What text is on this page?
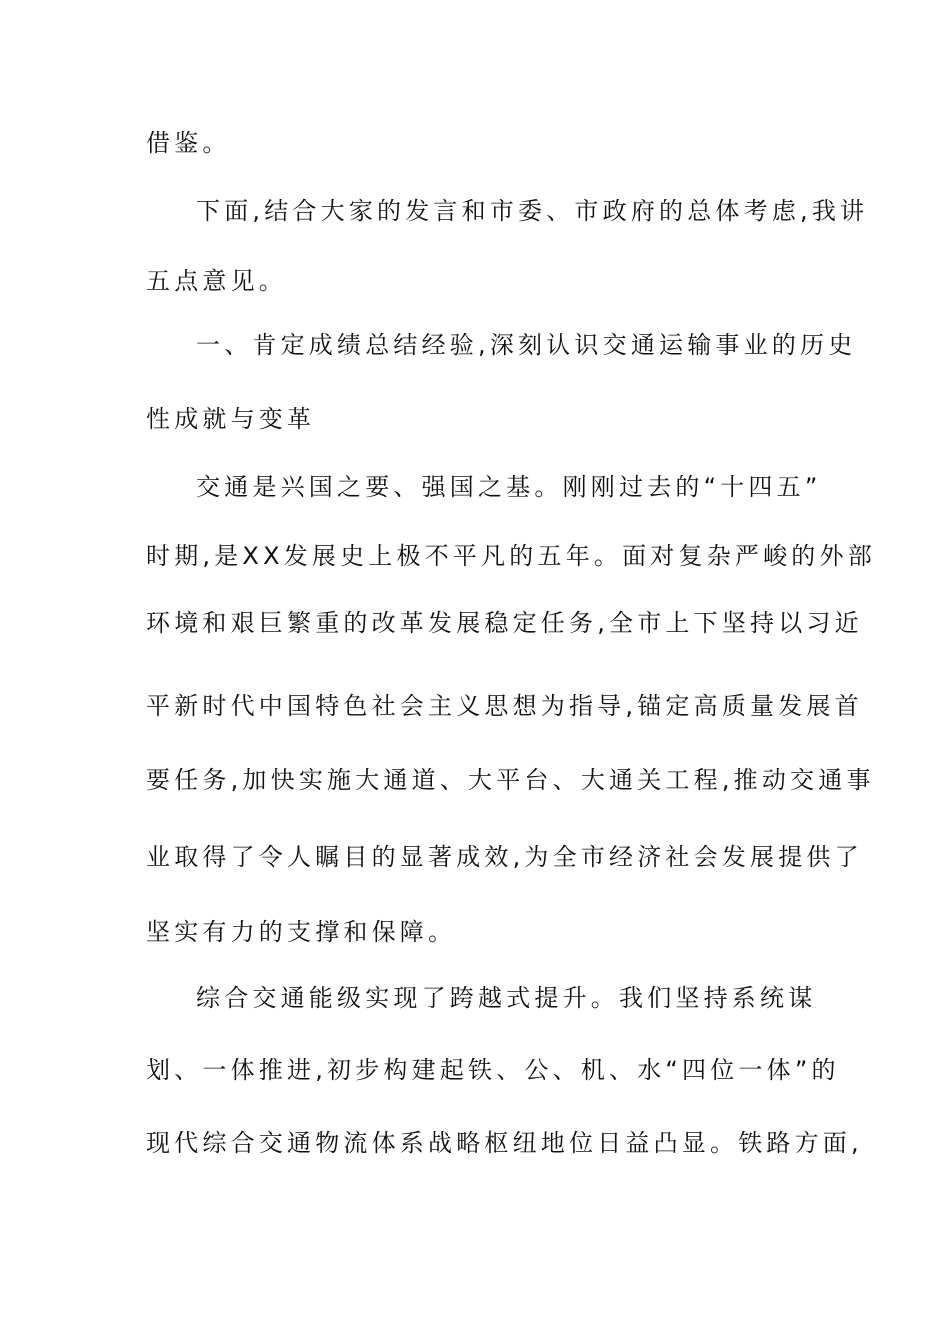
借鉴。
下面,结合大家的发言和市委、市政府的总体考虑,我讲
五点意见。
一、肯定成绩总结经验,深刻认识交通运输事业的历史
性成就与变革
交通是兴国之要、强国之基。刚刚过去的“十四五”
时期,是XX发展史上极不平凡的五年。面对复杂严峻的外部
环境和艰巨繁重的改革发展稳定任务,全市上下坚持以习近
平新时代中国特色社会主义思想为指导,锚定高质量发展首
要任务,加快实施大通道、大平台、大通关工程,推动交通事
业取得了令人瞩目的显著成效,为全市经济社会发展提供了
坚实有力的支撑和保障。
综合交通能级实现了跨越式提升。我们坚持系统谋
划、一体推进,初步构建起铁、公、机、水“四位一体”的
现代综合交通物流体系战略枢纽地位日益凸显。铁路方面,
